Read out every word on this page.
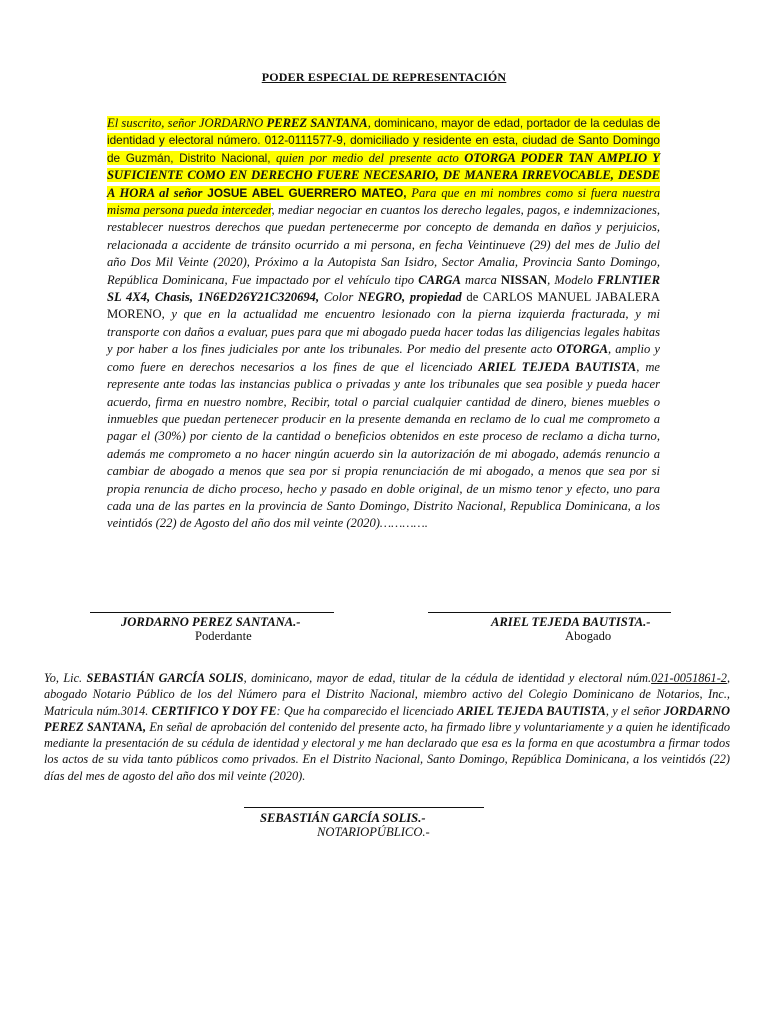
PODER ESPECIAL DE REPRESENTACIÓN

El suscrito, señor JORDARNO PEREZ SANTANA, dominicano, mayor de edad, portador de la cedulas de identidad y electoral número. 012-0111577-9, domiciliado y residente en esta, ciudad de Santo Domingo de Guzmán, Distrito Nacional, quien por medio del presente acto OTORGA PODER TAN AMPLIO Y SUFICIENTE COMO EN DERECHO FUERE NECESARIO, DE MANERA IRREVOCABLE, DESDE A HORA al señor JOSUE ABEL GUERRERO MATEO, Para que en mi nombres como si fuera nuestra misma persona pueda interceder, mediar negociar en cuantos los derecho legales, pagos, e indemnizaciones, restablecer nuestros derechos que puedan pertenecerme por concepto de demanda en daños y perjuicios, relacionada a accidente de tránsito ocurrido a mi persona, en fecha Veintinueve (29) del mes de Julio del año Dos Mil Veinte (2020), Próximo a la Autopista San Isidro, Sector Amalia, Provincia Santo Domingo, República Dominicana, Fue impactado por el vehículo tipo CARGA marca NISSAN, Modelo FRLNTIER SL 4X4, Chasis, 1N6ED26Y21C320694, Color NEGRO, propiedad de CARLOS MANUEL JABALERA MORENO, y que en la actualidad me encuentro lesionado con la pierna izquierda fracturada, y mi transporte con daños a evaluar, pues para que mi abogado pueda hacer todas las diligencias legales habitas y por haber a los fines judiciales por ante los tribunales. Por medio del presente acto OTORGA, amplio y como fuere en derechos necesarios a los fines de que el licenciado ARIEL TEJEDA BAUTISTA, me represente ante todas las instancias publica o privadas y ante los tribunales que sea posible y pueda hacer acuerdo, firma en nuestro nombre, Recibir, total o parcial cualquier cantidad de dinero, bienes muebles o inmuebles que puedan pertenecer producir en la presente demanda en reclamo de lo cual me comprometo a pagar el (30%) por ciento de la cantidad o beneficios obtenidos en este proceso de reclamo a dicha turno, además me comprometo a no hacer ningún acuerdo sin la autorización de mi abogado, además renuncio a cambiar de abogado a menos que sea por si propia renunciación de mi abogado, a menos que sea por si propia renuncia de dicho proceso, hecho y pasado en doble original, de un mismo tenor y efecto, uno para cada una de las partes en la provincia de Santo Domingo, Distrito Nacional, Republica Dominicana, a los veintidós (22) de Agosto del año dos mil veinte (2020)………….

JORDARNO PEREZ SANTANA.-
Poderdante
ARIEL TEJEDA BAUTISTA.-
Abogado

Yo, Lic. SEBASTIÁN GARCÍA SOLIS, dominicano, mayor de edad, titular de la cédula de identidad y electoral núm.021-0051861-2, abogado Notario Público de los del Número para el Distrito Nacional, miembro activo del Colegio Dominicano de Notarios, Inc., Matricula núm.3014. CERTIFICO Y DOY FE: Que ha comparecido el licenciado ARIEL TEJEDA BAUTISTA, y el señor JORDARNO PEREZ SANTANA, En señal de aprobación del contenido del presente acto, ha firmado libre y voluntariamente y a quien he identificado mediante la presentación de su cédula de identidad y electoral y me han declarado que esa es la forma en que acostumbra a firmar todos los actos de su vida tanto públicos como privados. En el Distrito Nacional, Santo Domingo, República Dominicana, a los veintidós (22) días del mes de agosto del año dos mil veinte (2020).

SEBASTIÁN GARCÍA SOLIS.-
NOTARIOPÚBLICO.-
